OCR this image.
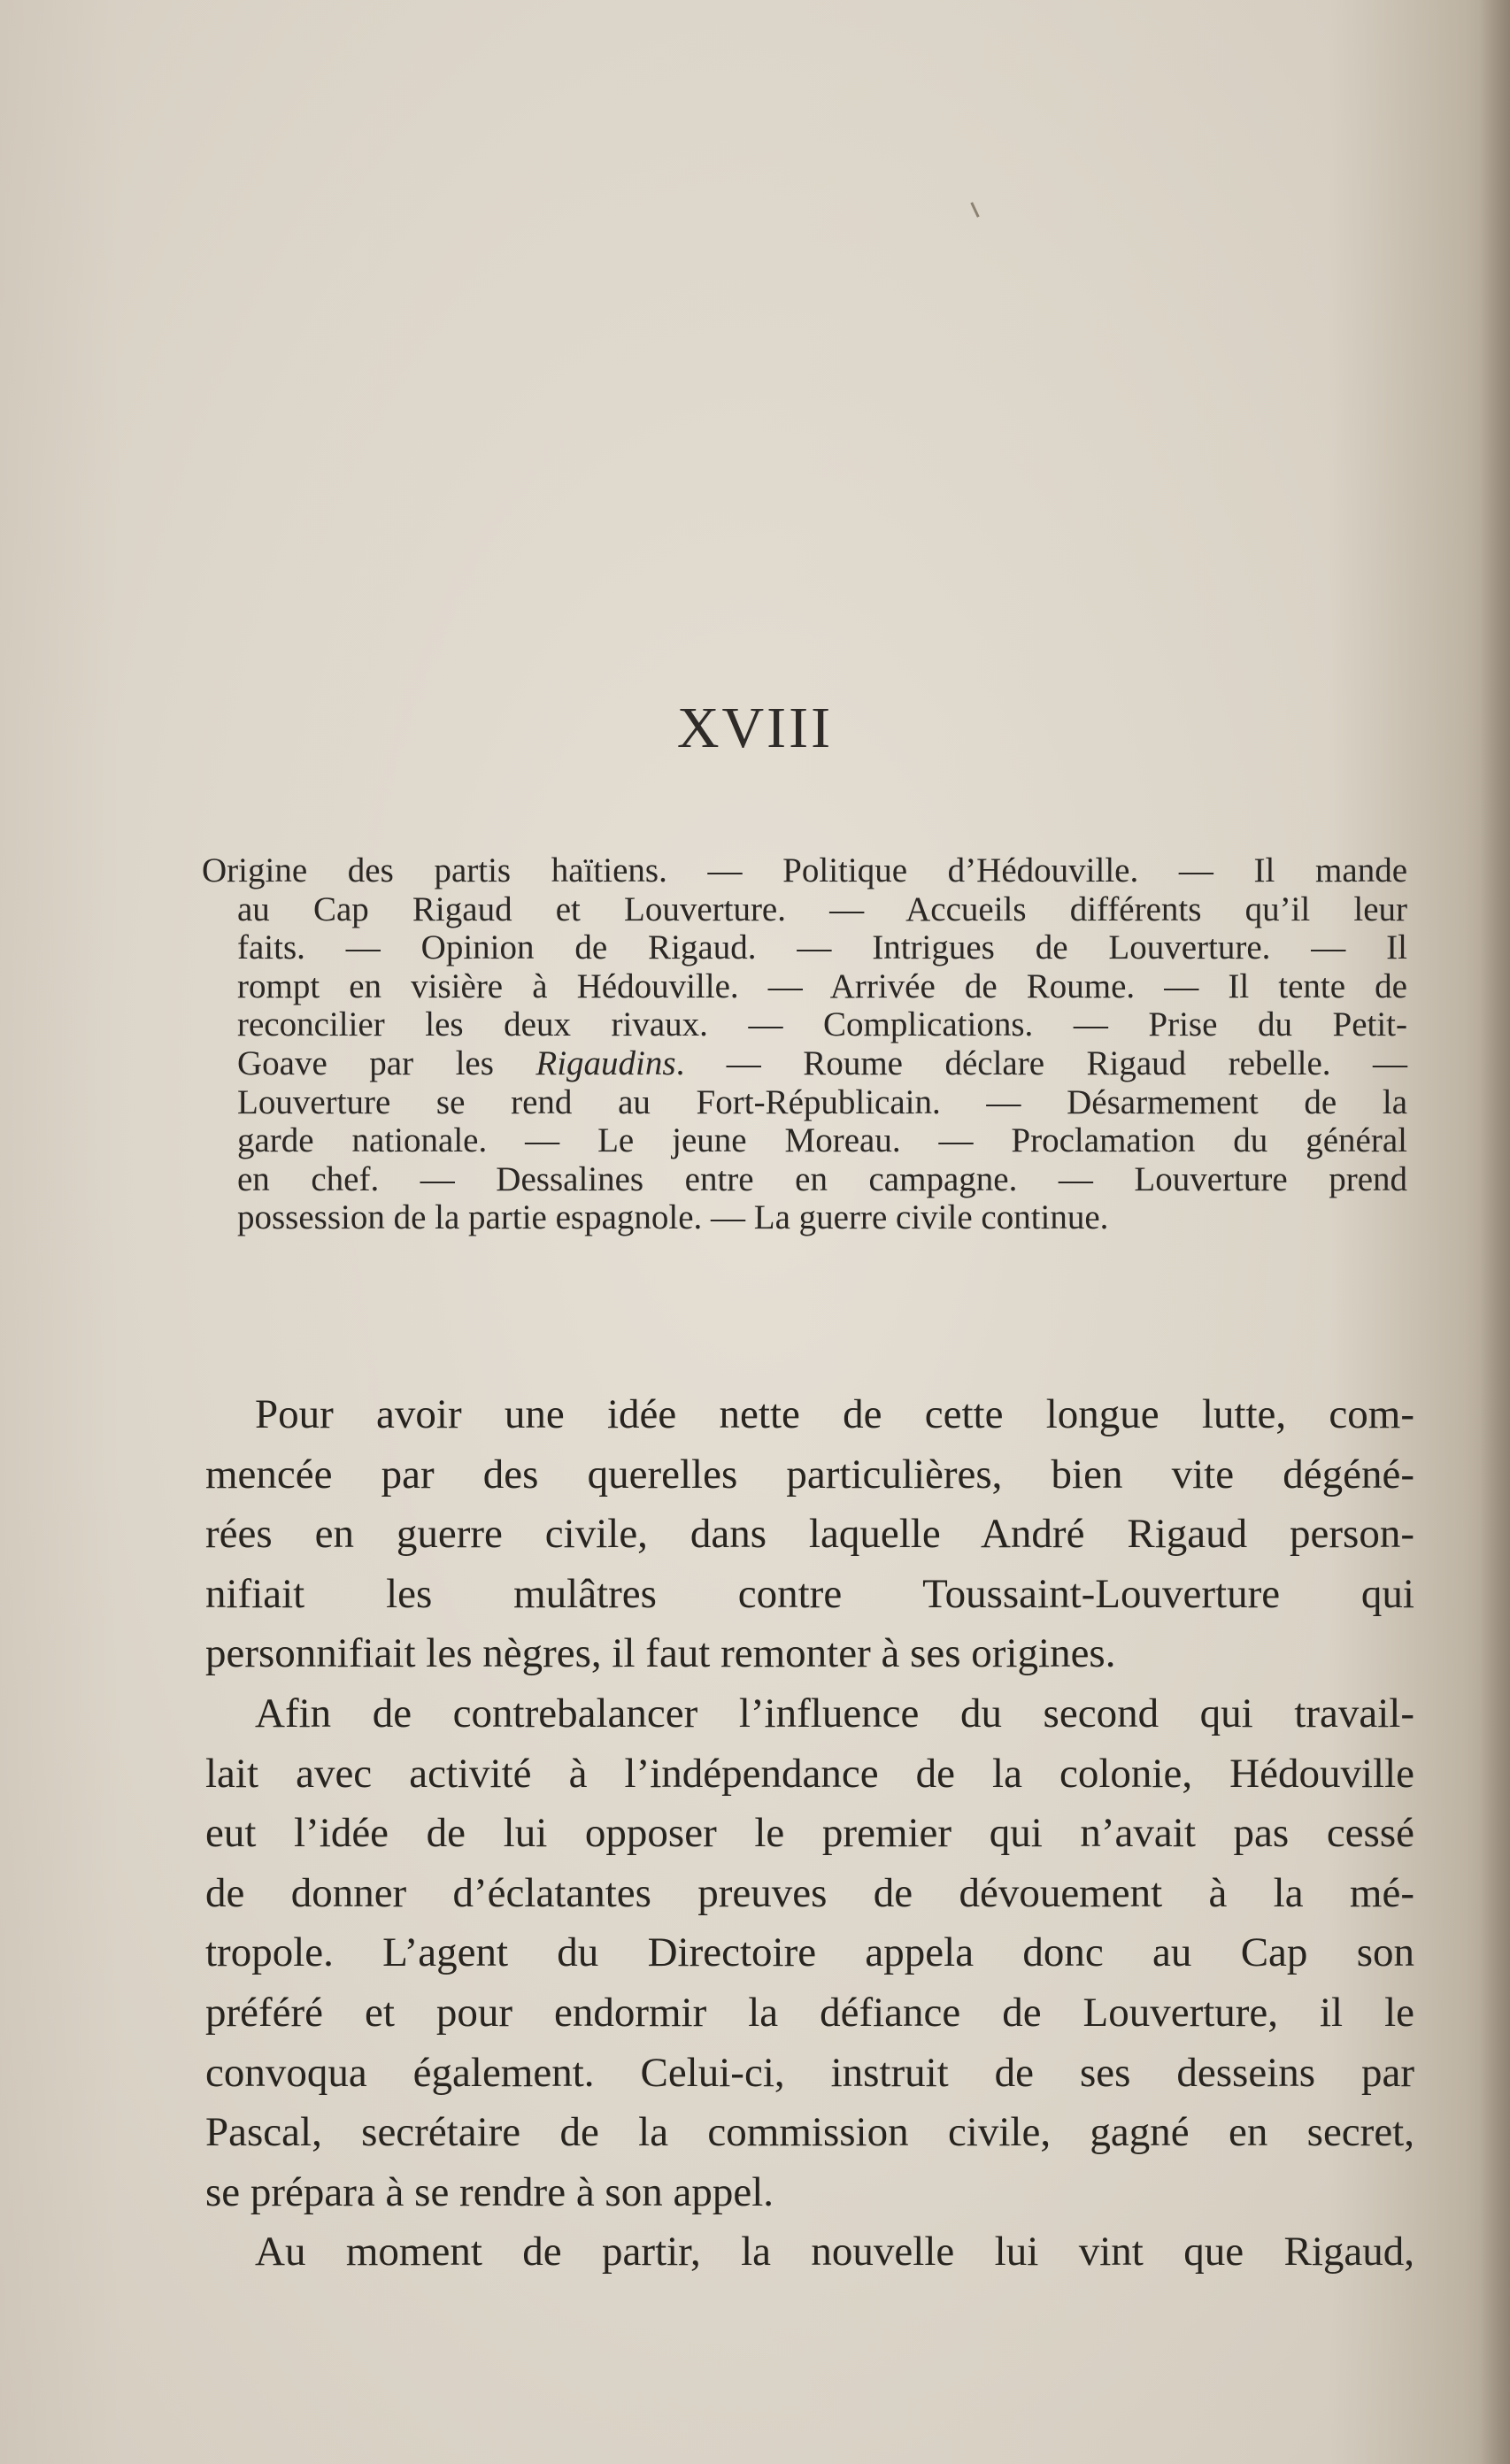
XVIII
Origine des partis haïtiens. — Politique d’Hédouville. — Il mande
au Cap Rigaud et Louverture. — Accueils différents qu’il leur
faits. — Opinion de Rigaud. — Intrigues de Louverture. — Il
rompt en visière à Hédouville. — Arrivée de Roume. — Il tente de
reconcilier les deux rivaux. — Complications. — Prise du Petit-
Goave par les Rigaudins. — Roume déclare Rigaud rebelle. —
Louverture se rend au Fort-Républicain. — Désarmement de la
garde nationale. — Le jeune Moreau. — Proclamation du général
en chef. — Dessalines entre en campagne. — Louverture prend
possession de la partie espagnole. — La guerre civile continue.
Pour avoir une idée nette de cette longue lutte, com-
mencée par des querelles particulières, bien vite dégéné-
rées en guerre civile, dans laquelle André Rigaud person-
nifiait les mulâtres contre Toussaint-Louverture qui
personnifiait les nègres, il faut remonter à ses origines.
Afin de contrebalancer l’influence du second qui travail-
lait avec activité à l’indépendance de la colonie, Hédouville
eut l’idée de lui opposer le premier qui n’avait pas cessé
de donner d’éclatantes preuves de dévouement à la mé-
tropole. L’agent du Directoire appela donc au Cap son
préféré et pour endormir la défiance de Louverture, il le
convoqua également. Celui-ci, instruit de ses desseins par
Pascal, secrétaire de la commission civile, gagné en secret,
se prépara à se rendre à son appel.
Au moment de partir, la nouvelle lui vint que Rigaud,
